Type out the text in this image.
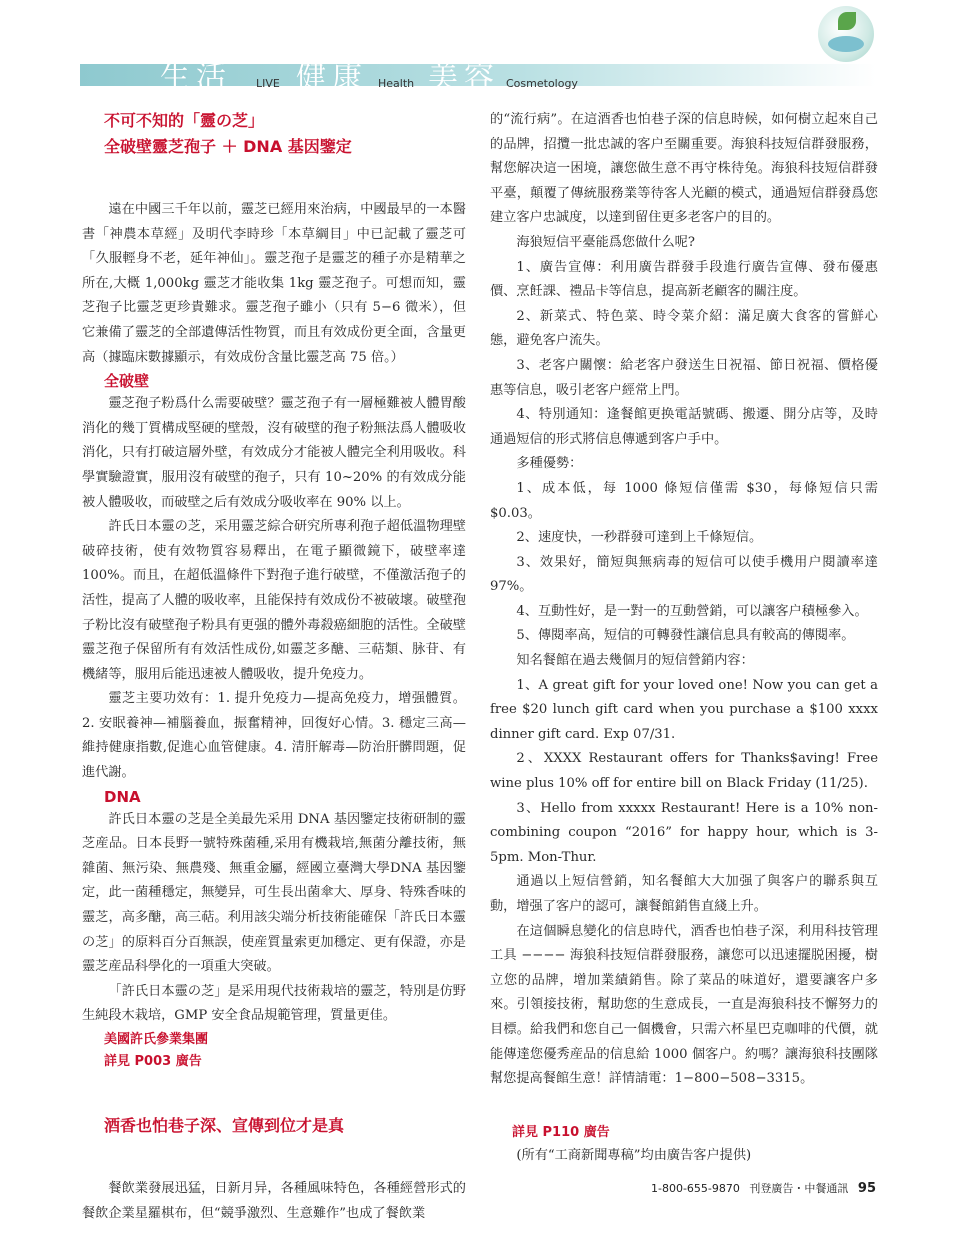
生活 LIVE 健康 Health 美容 Cosmetology

不可不知的「靈の芝」

全破壁靈芝孢子 ＋ DNA 基因鑒定

遠在中國三千年以前，靈芝已經用來治病，中國最早的一本醫書「神農本草經」及明代李時珍「本草綱目」中已記載了靈芝可「久服輕身不老，延年神仙」。靈芝孢子是靈芝的種子亦是精華之所在,大概 1,000kg 靈芝才能收集 1kg 靈芝孢子。可想而知，靈芝孢子比靈芝更珍貴難求。靈芝孢子雖小（只有 5−6 微米），但它兼備了靈芝的全部遺傳活性物質，而且有效成份更全面，含量更高（據臨床數據顯示，有效成份含量比靈芝高 75 倍。）

全破壁

靈芝孢子粉爲什么需要破壁？靈芝孢子有一層極難被人體胃酸消化的幾丁質構成堅硬的壁殼，沒有破壁的孢子粉無法爲人體吸收消化，只有打破這層外壁，有效成分才能被人體完全利用吸收。科學實驗證實，服用沒有破壁的孢子，只有 10~20% 的有效成分能被人體吸收，而破壁之后有效成分吸收率在 90% 以上。

許氏日本靈の芝，采用靈芝綜合研究所專利孢子超低溫物理壁破碎技術，使有效物質容易釋出，在電子顯微鏡下，破壁率達 100%。而且，在超低溫條件下對孢子進行破壁，不僅激活孢子的活性，提高了人體的吸收率，且能保持有效成份不被破壞。破壁孢子粉比沒有破壁孢子粉具有更强的體外毒殺癌細胞的活性。全破壁靈芝孢子保留所有有效活性成份,如靈芝多醣、三萜類、脉苷、有機緒等，服用后能迅速被人體吸收，提升免疫力。

靈芝主要功效有：1. 提升免疫力—提高免疫力，增强體質。2. 安眠養神—補腦養血，振奮精神，回復好心情。3. 穩定三高—維持健康指數,促進心血管健康。4. 清肝解毒—防治肝髒問題，促進代謝。

DNA

許氏日本靈の芝是全美最先采用 DNA 基因鑒定技術研制的靈芝産品。日本長野一號特殊菌種,采用有機栽培,無菌分離技術，無雜菌、無污染、無農殘、無重金屬，經國立臺灣大學DNA 基因鑒定，此一菌種穩定，無變异，可生長出菌傘大、厚身、特殊香味的靈芝，高多醣，高三萜。利用該尖端分析技術能確保「許氏日本靈の芝」的原料百分百無誤，使産質量索更加穩定、更有保證，亦是靈芝産品科學化的一項重大突破。

「許氏日本靈の芝」是采用現代技術栽培的靈芝，特別是仿野生純段木栽培，GMP 安全食品規範管理，質量更佳。

美國許氏參業集團

詳見 P003 廣告

酒香也怕巷子深、宣傳到位才是真

餐飲業發展迅猛，日新月异，各種風味特色，各種經營形式的餐飲企業星羅棋布，但“競爭激烈、生意難作”也成了餐飲業

的“流行病”。在這酒香也怕巷子深的信息時候，如何樹立起來自己的品牌，招攬一批忠誠的客户至關重要。海狼科技短信群發服務，幫您解决這一困境，讓您做生意不再守株待兔。海狼科技短信群發平臺，顛覆了傳統服務業等待客人光顧的模式，通過短信群發爲您建立客户忠誠度，以達到留住更多老客户的目的。

海狼短信平臺能爲您做什么呢?

1、廣告宣傳：利用廣告群發手段進行廣告宣傳、發布優惠價、烹飪課、禮品卡等信息，提高新老顧客的關注度。

2、新菜式、特色菜、時令菜介紹：滿足廣大食客的嘗鮮心態，避免客户流失。

3、老客户關懷：給老客户發送生日祝福、節日祝福、價格優惠等信息，吸引老客户經常上門。

4、特別通知：逢餐館更换電話號碼、搬遷、開分店等，及時通過短信的形式將信息傳遞到客户手中。

多種優勢：

1、成本低，每 1000 條短信僅需 $30，每條短信只需 $0.03。

2、速度快，一秒群發可達到上千條短信。

3、效果好，簡短與無病毒的短信可以使手機用户閱讀率達 97%。

4、互動性好，是一對一的互動營銷，可以讓客户積極參入。

5、傳閱率高，短信的可轉發性讓信息具有較高的傳閱率。

知名餐館在過去幾個月的短信營銷内容：

1、A great gift for your loved one! Now you can get a free $20 lunch gift card when you purchase a $100 xxxx dinner gift card. Exp 07/31.

2、XXXX Restaurant offers for Thanks$aving! Free wine plus 10% off for entire bill on Black Friday (11/25).

3、Hello from xxxxx Restaurant! Here is a 10% non-combining coupon “2016” for happy hour, which is 3-5pm. Mon-Thur.

通過以上短信營銷，知名餐館大大加强了與客户的聯系與互動，增强了客户的認可，讓餐館銷售直綫上升。

在這個瞬息變化的信息時代，酒香也怕巷子深，利用科技管理工具 −−−− 海狼科技短信群發服務，讓您可以迅速擺脱困擾，樹立您的品牌，增加業績銷售。除了菜品的味道好，還要讓客户多來。引領接技術，幫助您的生意成長，一直是海狼科技不懈努力的目標。給我們和您自己一個機會，只需六杯星巴克咖啡的代價，就能傳達您優秀産品的信息給 1000 個客户。約嗎？讓海狼科技團隊幫您提高餐館生意！詳情請電：1−800−508−3315。

詳見 P110 廣告

(所有“工商新聞專稿”均由廣告客户提供)

1-800-655-9870 刊登廣告・中餐通訊 95
